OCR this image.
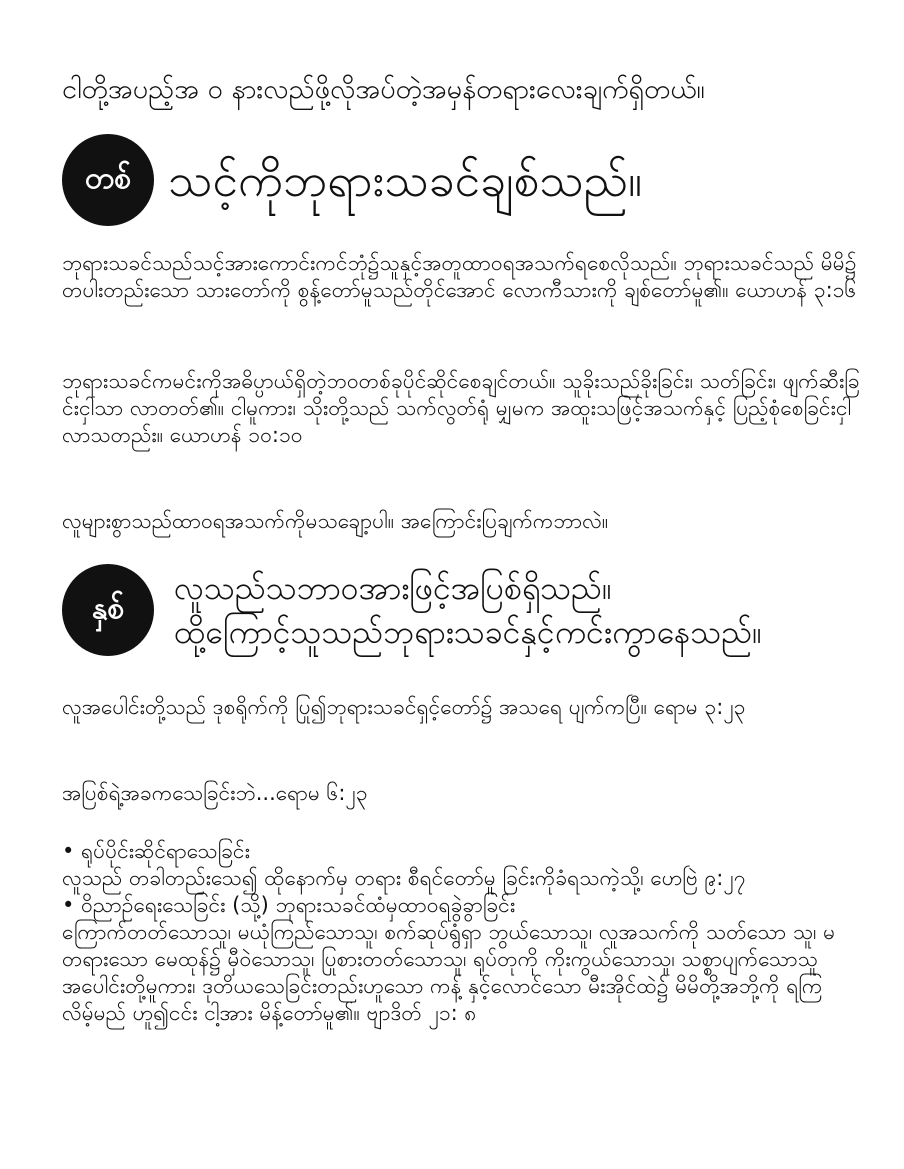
ငါတို့အပည့်အ ဝ နားလည်ဖို့လိုအပ်တဲ့အမှန်တရားလေးချက်ရှိတယ်။
တစ် သင့်ကိုဘုရားသခင်ချစ်သည်။

ဘုရားသခင်သည်သင့်အားကောင်းကင်ဘုံ၌သူနှင့်အတူထာဝရအသက်ရစေလိုသည်။ ဘုရားသခင်သည် မိမိ၌ တပါးတည်းသော သားတော်ကို စွန့်တော်မူသည်တိုင်အောင် လောကီသားကို ချစ်တော်မူ၏။ ယောဟန် ၃:၁၆

ဘုရားသခင်ကမင်းကိုအဓိပ္ပာယ်ရှိတဲ့ဘဝတစ်ခုပိုင်ဆိုင်စေချင်တယ်။ သူခိုးသည်ခိုးခြင်း၊ သတ်ခြင်း၊ ဖျက်ဆီးခြင်းငှါသာ လာတတ်၏။ ငါမူကား၊ သိုးတို့သည် သက်လွတ်ရုံ မျှမက အထူးသဖြင့်အသက်နှင့် ပြည့်စုံစေခြင်းငှါ လာသတည်း။ ယောဟန် ၁၀:၁၀

လူများစွာသည်ထာဝရအသက်ကိုမသချော့ပါ။ အကြောင်းပြချက်ကဘာလဲ။

နှစ်
လူသည်သဘာဝအားဖြင့်အပြစ်ရှိသည်။
ထို့ကြောင့်သူသည်ဘုရားသခင်နှင့်ကင်းကွာနေသည်။

လူအပေါင်းတို့သည် ဒုစရိုက်ကို ပြု၍ဘုရားသခင်ရှင့်တော်၌ အသရေ ပျက်ကပြီ။ ရောမ ၃:၂၃

အပြစ်ရဲ့အခကသေခြင်းဘဲ...ရောမ ၆:၂၃

• ရုပ်ပိုင်းဆိုင်ရာသေခြင်း

လူသည် တခါတည်းသေ၍ ထိုနောက်မှ တရား စီရင်တော်မူ ခြင်းကိုခံရသကဲ့သို့၊ ဟေဗြဲ ၉:၂၇

• ဝိညာဥ်ရေးသေခြင်း (သို့) ဘုရားသခင်ထံမှထာဝရခွဲခွာခြင်း

ကြောက်တတ်သောသူ၊ မယုံကြည်သောသူ၊ စက်ဆုပ်ရွံရှာ ဘွယ်သောသူ၊ လူအသက်ကို သတ်သော သူ၊ မတရားသော မေထုန်၌ မှီဝဲသောသူ၊ ပြုစားတတ်သောသူ၊ ရုပ်တုကို ကိုးကွယ်သောသူ၊ သစ္စာပျက်သောသူ အပေါင်းတို့မူကား၊ ဒုတိယသေခြင်းတည်းဟူသော ကန့် နှင့်လောင်သော မီးအိုင်ထဲ၌ မိမိတို့အဘို့ကို ရကြလိမ့်မည် ဟူ၍ငင်း ငါ့အား မိန့်တော်မူ၏။ ဗျာဒိတ် ၂၁: ၈
